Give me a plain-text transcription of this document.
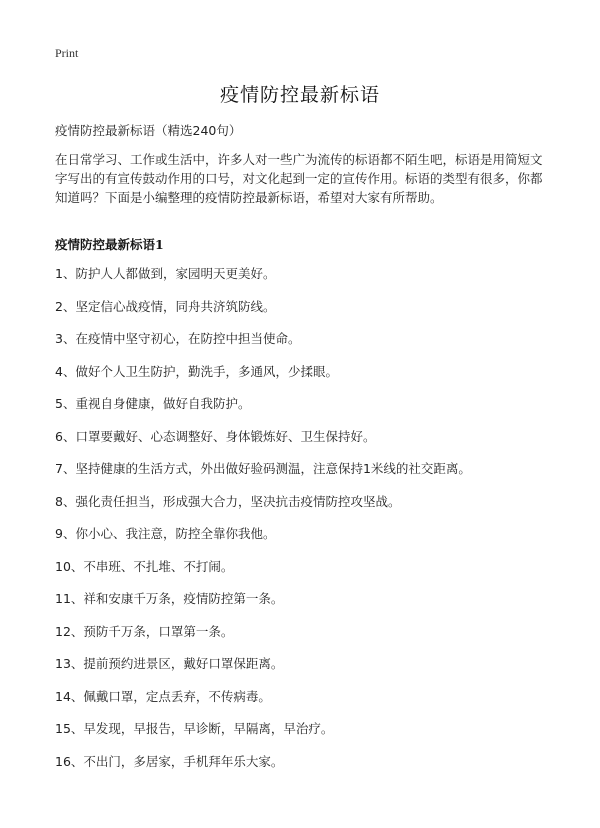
Print
疫情防控最新标语
疫情防控最新标语（精选240句）

在日常学习、工作或生活中，许多人对一些广为流传的标语都不陌生吧，标语是用简短文字写出的有宣传鼓动作用的口号，对文化起到一定的宣传作用。标语的类型有很多，你都知道吗？下面是小编整理的疫情防控最新标语，希望对大家有所帮助。

疫情防控最新标语1
1、防护人人都做到，家园明天更美好。
2、坚定信心战疫情，同舟共济筑防线。
3、在疫情中坚守初心，在防控中担当使命。
4、做好个人卫生防护，勤洗手，多通风，少揉眼。
5、重视自身健康，做好自我防护。
6、口罩要戴好、心态调整好、身体锻炼好、卫生保持好。
7、坚持健康的生活方式，外出做好验码测温，注意保持1米线的社交距离。
8、强化责任担当，形成强大合力，坚决抗击疫情防控攻坚战。
9、你小心、我注意，防控全靠你我他。
10、不串班、不扎堆、不打闹。
11、祥和安康千万条，疫情防控第一条。
12、预防千万条，口罩第一条。
13、提前预约进景区，戴好口罩保距离。
14、佩戴口罩，定点丢弃，不传病毒。
15、早发现，早报告，早诊断，早隔离，早治疗。
16、不出门，多居家，手机拜年乐大家。
